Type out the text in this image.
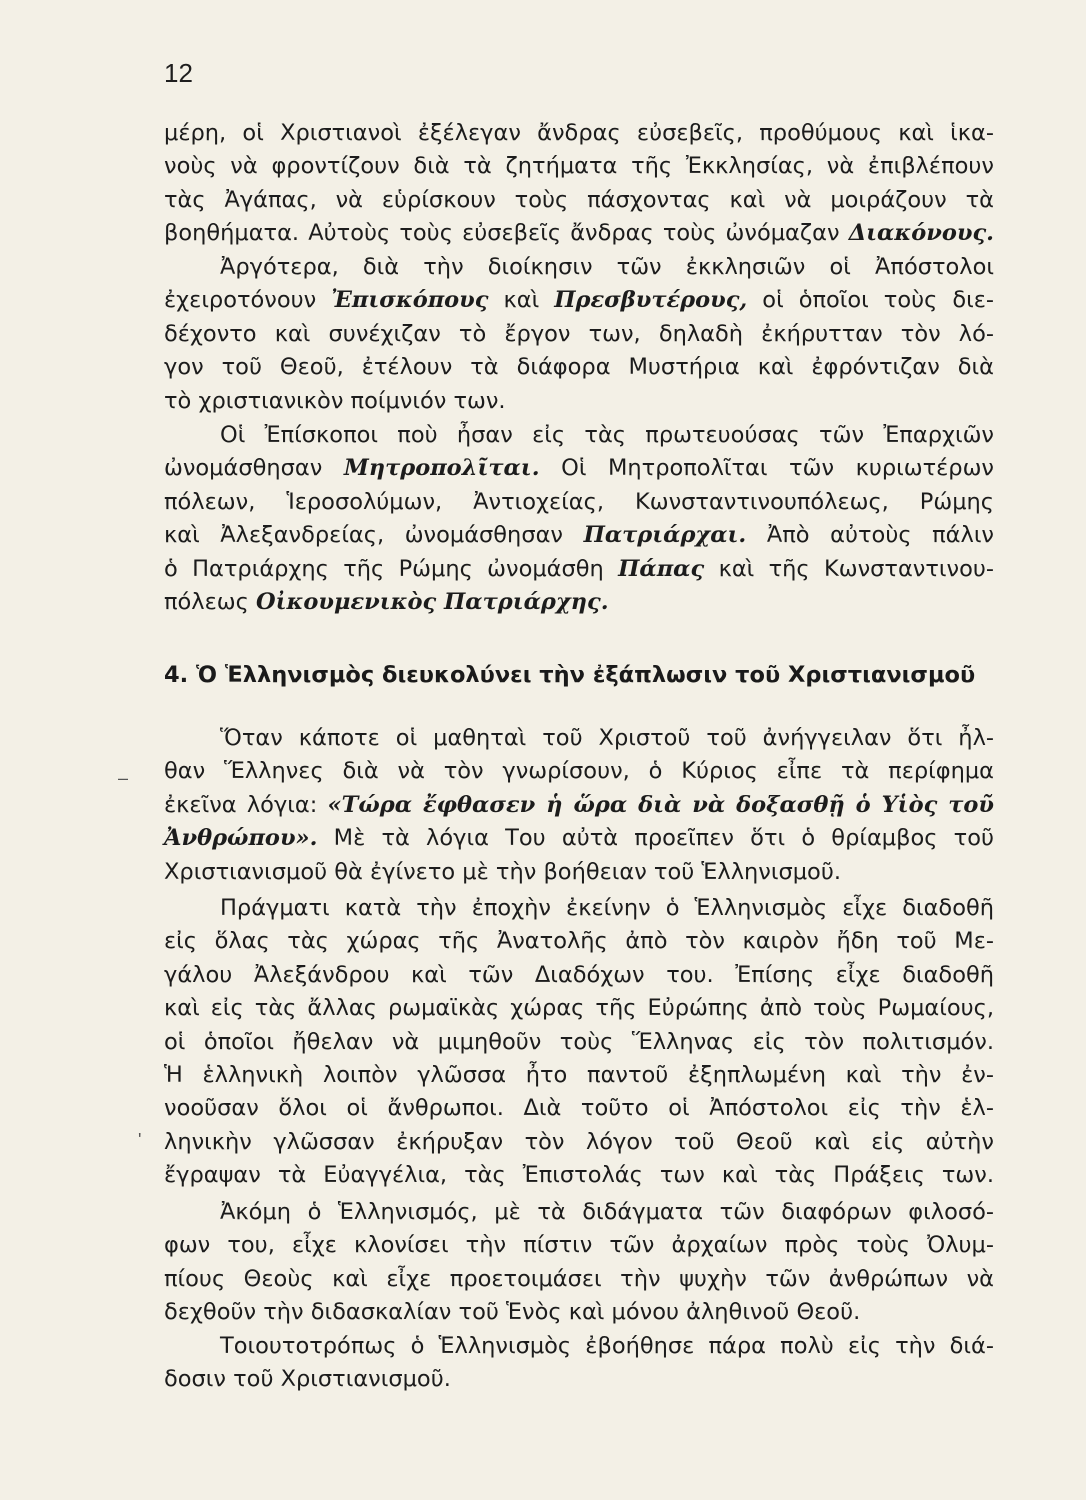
12
μέρη, οἱ Χριστιανοὶ ἐξέλεγαν ἄνδρας εὐσεβεῖς, προθύμους καὶ ἱκα-
νοὺς νὰ φροντίζουν διὰ τὰ ζητήματα τῆς Ἐκκλησίας, νὰ ἐπιβλέπουν
τὰς Ἀγάπας, νὰ εὑρίσκουν τοὺς πάσχοντας καὶ νὰ μοιράζουν τὰ
βοηθήματα. Αὐτοὺς τοὺς εὐσεβεῖς ἄνδρας τοὺς ὠνόμαζαν Διακόνους.
Ἀργότερα, διὰ τὴν διοίκησιν τῶν ἐκκλησιῶν οἱ Ἀπόστολοι
ἐχειροτόνουν Ἐπισκόπους καὶ Πρεσβυτέρους, οἱ ὁποῖοι τοὺς διε-
δέχοντο καὶ συνέχιζαν τὸ ἔργον των, δηλαδὴ ἐκήρυτταν τὸν λό-
γον τοῦ Θεοῦ, ἐτέλουν τὰ διάφορα Μυστήρια καὶ ἐφρόντιζαν διὰ
τὸ χριστιανικὸν ποίμνιόν των.
Οἱ Ἐπίσκοποι ποὺ ἦσαν εἰς τὰς πρωτευούσας τῶν Ἐπαρχιῶν
ὠνομάσθησαν Μητροπολῖται. Οἱ Μητροπολῖται τῶν κυριωτέρων
πόλεων, Ἱεροσολύμων, Ἀντιοχείας, Κωνσταντινουπόλεως, Ρώμης
καὶ Ἀλεξανδρείας, ὠνομάσθησαν Πατριάρχαι. Ἀπὸ αὐτοὺς πάλιν
ὁ Πατριάρχης τῆς Ρώμης ὠνομάσθη Πάπας καὶ τῆς Κωνσταντινου-
πόλεως Οἰκουμενικὸς Πατριάρχης.
4. Ὁ Ἑλληνισμὸς διευκολύνει τὴν ἐξάπλωσιν τοῦ Χριστιανισμοῦ
Ὅταν κάποτε οἱ μαθηταὶ τοῦ Χριστοῦ τοῦ ἀνήγγειλαν ὅτι ἦλ-
θαν Ἕλληνες διὰ νὰ τὸν γνωρίσουν, ὁ Κύριος εἶπε τὰ περίφημα
ἐκεῖνα λόγια: «Τώρα ἔφθασεν ἡ ὥρα διὰ νὰ δοξασθῇ ὁ Υἱὸς τοῦ
Ἀνθρώπου». Μὲ τὰ λόγια Του αὐτὰ προεῖπεν ὅτι ὁ θρίαμβος τοῦ
Χριστιανισμοῦ θὰ ἐγίνετο μὲ τὴν βοήθειαν τοῦ Ἑλληνισμοῦ.
Πράγματι κατὰ τὴν ἐποχὴν ἐκείνην ὁ Ἑλληνισμὸς εἶχε διαδοθῆ
εἰς ὅλας τὰς χώρας τῆς Ἀνατολῆς ἀπὸ τὸν καιρὸν ἤδη τοῦ Με-
γάλου Ἀλεξάνδρου καὶ τῶν Διαδόχων του. Ἐπίσης εἶχε διαδοθῆ
καὶ εἰς τὰς ἄλλας ρωμαϊκὰς χώρας τῆς Εὐρώπης ἀπὸ τοὺς Ρωμαίους,
οἱ ὁποῖοι ἤθελαν νὰ μιμηθοῦν τοὺς Ἕλληνας εἰς τὸν πολιτισμόν.
Ἡ ἑλληνικὴ λοιπὸν γλῶσσα ἦτο παντοῦ ἐξηπλωμένη καὶ τὴν ἐν-
νοοῦσαν ὅλοι οἱ ἄνθρωποι. Διὰ τοῦτο οἱ Ἀπόστολοι εἰς τὴν ἑλ-
ληνικὴν γλῶσσαν ἐκήρυξαν τὸν λόγον τοῦ Θεοῦ καὶ εἰς αὐτὴν
ἔγραψαν τὰ Εὐαγγέλια, τὰς Ἐπιστολάς των καὶ τὰς Πράξεις των.
Ἀκόμη ὁ Ἑλληνισμός, μὲ τὰ διδάγματα τῶν διαφόρων φιλοσό-
φων του, εἶχε κλονίσει τὴν πίστιν τῶν ἀρχαίων πρὸς τοὺς Ὀλυμ-
πίους Θεοὺς καὶ εἶχε προετοιμάσει τὴν ψυχὴν τῶν ἀνθρώπων νὰ
δεχθοῦν τὴν διδασκαλίαν τοῦ Ἑνὸς καὶ μόνου ἀληθινοῦ Θεοῦ.
Τοιουτοτρόπως ὁ Ἑλληνισμὸς ἐβοήθησε πάρα πολὺ εἰς τὴν διά-
δοσιν τοῦ Χριστιανισμοῦ.
–
'
